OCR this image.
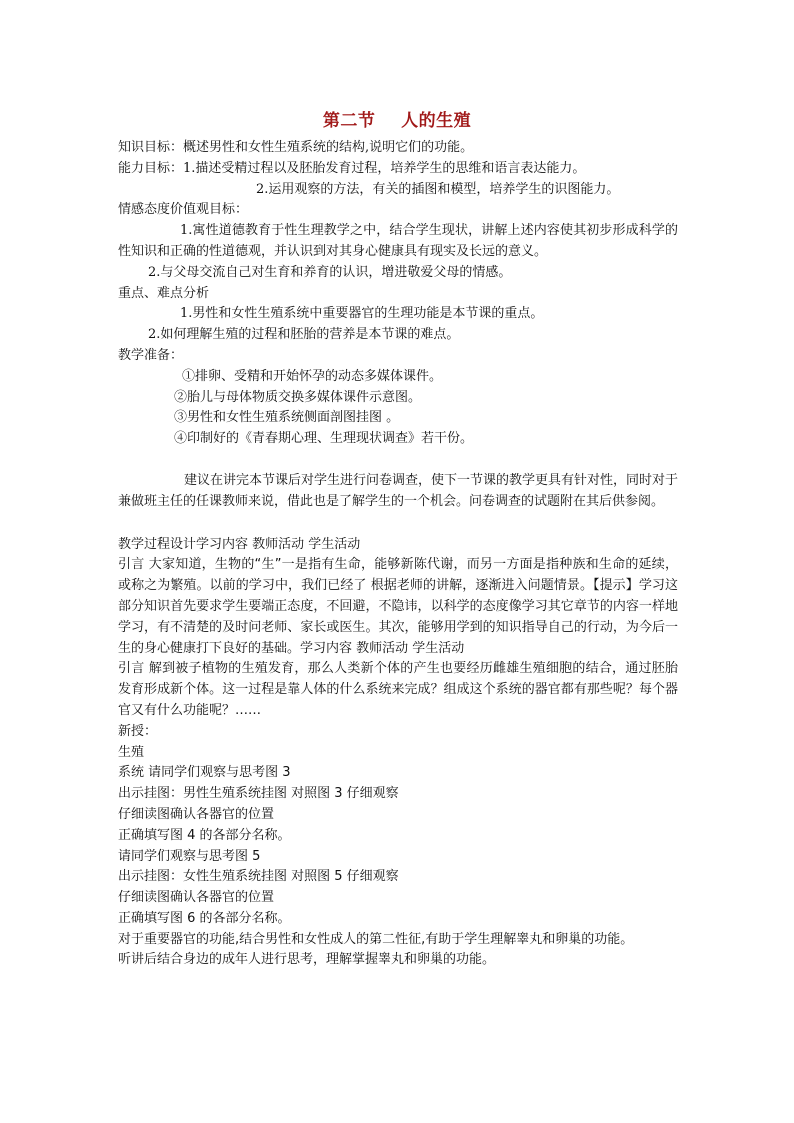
第二节    人的生殖
知识目标：概述男性和女性生殖系统的结构,说明它们的功能。
能力目标：1.描述受精过程以及胚胎发育过程，培养学生的思维和语言表达能力。
2.运用观察的方法，有关的插图和模型，培养学生的识图能力。
情感态度价值观目标：
1.寓性道德教育于性生理教学之中，结合学生现状，讲解上述内容使其初步形成科学的性知识和正确的性道德观，并认识到对其身心健康具有现实及长远的意义。
2.与父母交流自己对生育和养育的认识，增进敬爱父母的情感。
重点、难点分析
1.男性和女性生殖系统中重要器官的生理功能是本节课的重点。
2.如何理解生殖的过程和胚胎的营养是本节课的难点。
教学准备：
①排卵、受精和开始怀孕的动态多媒体课件。
②胎儿与母体物质交换多媒体课件示意图。
③男性和女性生殖系统侧面剖图挂图 。
④印制好的《青春期心理、生理现状调查》若干份。
建议在讲完本节课后对学生进行问卷调查，使下一节课的教学更具有针对性，同时对于兼做班主任的任课教师来说，借此也是了解学生的一个机会。问卷调查的试题附在其后供参阅。
教学过程设计学习内容 教师活动 学生活动
引言 大家知道，生物的“生”一是指有生命，能够新陈代谢，而另一方面是指种族和生命的延续，或称之为繁殖。以前的学习中，我们已经了 根据老师的讲解，逐渐进入问题情景。【提示】学习这部分知识首先要求学生要端正态度，不回避，不隐讳，以科学的态度像学习其它章节的内容一样地学习，有不清楚的及时问老师、家长或医生。其次，能够用学到的知识指导自己的行动，为今后一生的身心健康打下良好的基础。学习内容 教师活动 学生活动
引言 解到被子植物的生殖发育，那么人类新个体的产生也要经历雌雄生殖细胞的结合，通过胚胎发育形成新个体。这一过程是靠人体的什么系统来完成？组成这个系统的器官都有那些呢？每个器官又有什么功能呢？……
新授：
生殖
系统 请同学们观察与思考图 3
出示挂图：男性生殖系统挂图 对照图 3 仔细观察
仔细读图确认各器官的位置
正确填写图 4 的各部分名称。
请同学们观察与思考图 5
出示挂图：女性生殖系统挂图 对照图 5 仔细观察
仔细读图确认各器官的位置
正确填写图 6 的各部分名称。
对于重要器官的功能,结合男性和女性成人的第二性征,有助于学生理解睾丸和卵巢的功能。
听讲后结合身边的成年人进行思考，理解掌握睾丸和卵巢的功能。
